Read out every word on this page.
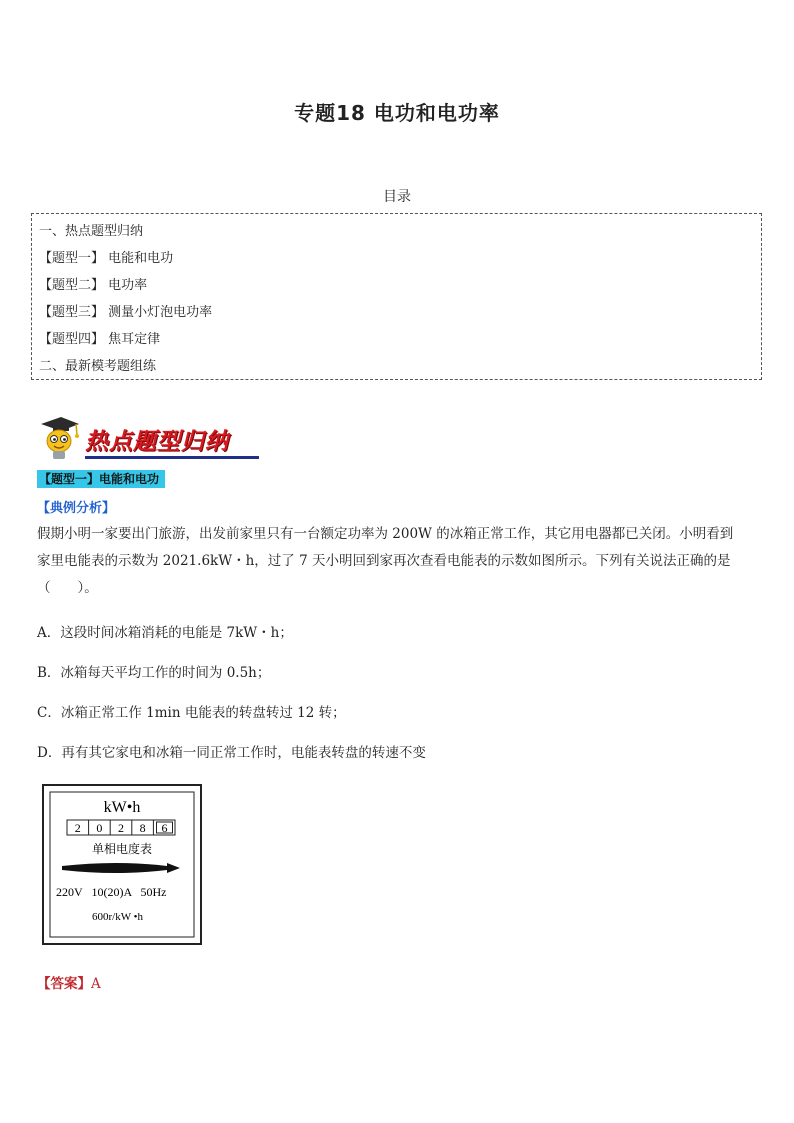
专题18 电功和电功率
目录
一、热点题型归纳
【题型一】 电能和电功
【题型二】 电功率
【题型三】 测量小灯泡电功率
【题型四】 焦耳定律
二、最新模考题组练
热点题型归纳
【题型一】电能和电功
【典例分析】
假期小明一家要出门旅游，出发前家里只有一台额定功率为 200W 的冰箱正常工作，其它用电器都已关闭。小明看到
家里电能表的示数为 2021.6kW・h，过了 7 天小明回到家再次查看电能表的示数如图所示。下列有关说法正确的是
（　　）。
A．这段时间冰箱消耗的电能是 7kW・h；
B．冰箱每天平均工作的时间为 0.5h；
C．冰箱正常工作 1min 电能表的转盘转过 12 转；
D．再有其它家电和冰箱一同正常工作时，电能表转盘的转速不变
kW•h
2 0 2 8 6
单相电度表
220V   10(20)A   50Hz
600r/kW •h
【答案】A
